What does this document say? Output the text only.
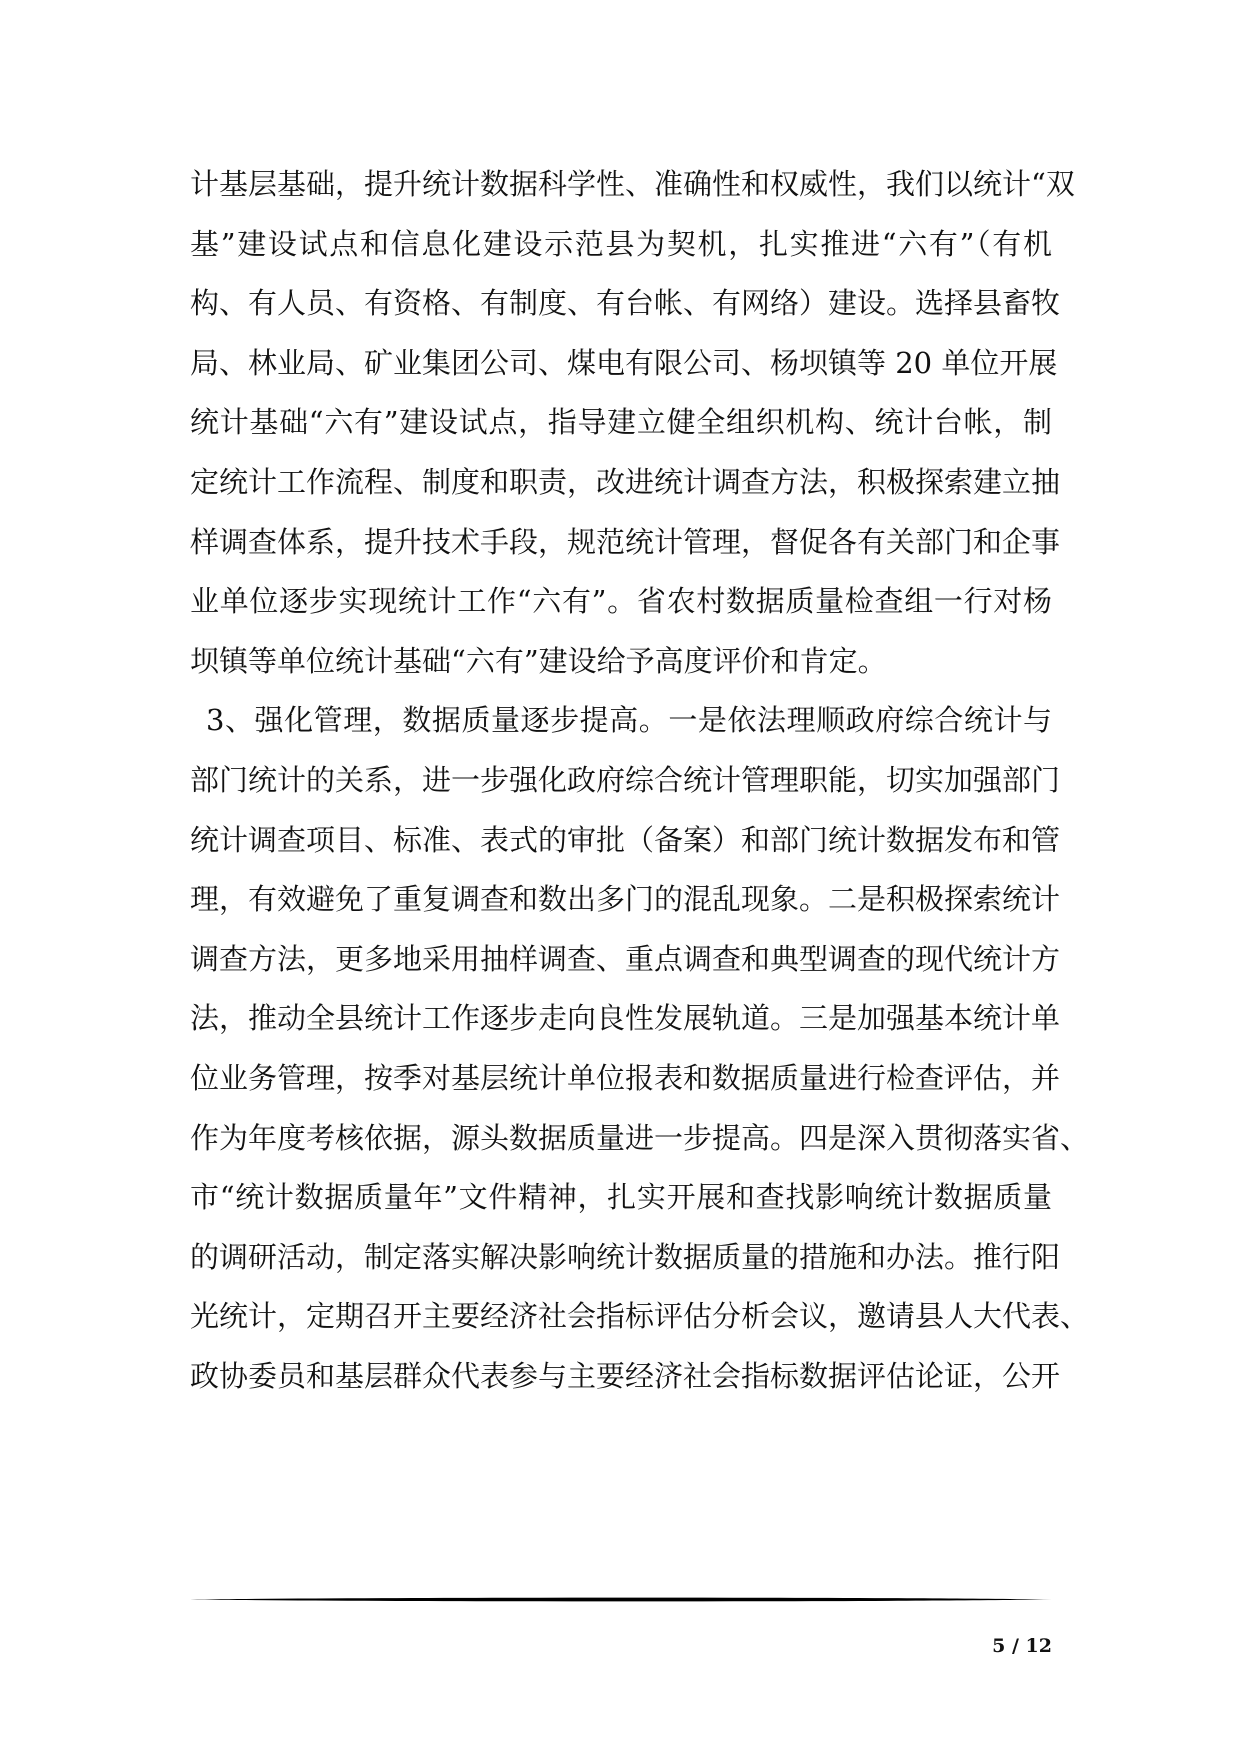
计基层基础，提升统计数据科学性、准确性和权威性，我们以统计“双
基”建设试点和信息化建设示范县为契机，扎实推进“六有”（有机
构、有人员、有资格、有制度、有台帐、有网络）建设。选择县畜牧
局、林业局、矿业集团公司、煤电有限公司、杨坝镇等 20 单位开展
统计基础“六有”建设试点，指导建立健全组织机构、统计台帐，制
定统计工作流程、制度和职责，改进统计调查方法，积极探索建立抽
样调查体系，提升技术手段，规范统计管理，督促各有关部门和企事
业单位逐步实现统计工作“六有”。省农村数据质量检查组一行对杨
坝镇等单位统计基础“六有”建设给予高度评价和肯定。
3、强化管理，数据质量逐步提高。一是依法理顺政府综合统计与
部门统计的关系，进一步强化政府综合统计管理职能，切实加强部门
统计调查项目、标准、表式的审批（备案）和部门统计数据发布和管
理，有效避免了重复调查和数出多门的混乱现象。二是积极探索统计
调查方法，更多地采用抽样调查、重点调查和典型调查的现代统计方
法，推动全县统计工作逐步走向良性发展轨道。三是加强基本统计单
位业务管理，按季对基层统计单位报表和数据质量进行检查评估，并
作为年度考核依据，源头数据质量进一步提高。四是深入贯彻落实省、
市“统计数据质量年”文件精神，扎实开展和查找影响统计数据质量
的调研活动，制定落实解决影响统计数据质量的措施和办法。推行阳
光统计，定期召开主要经济社会指标评估分析会议，邀请县人大代表、
政协委员和基层群众代表参与主要经济社会指标数据评估论证，公开
5 / 12
